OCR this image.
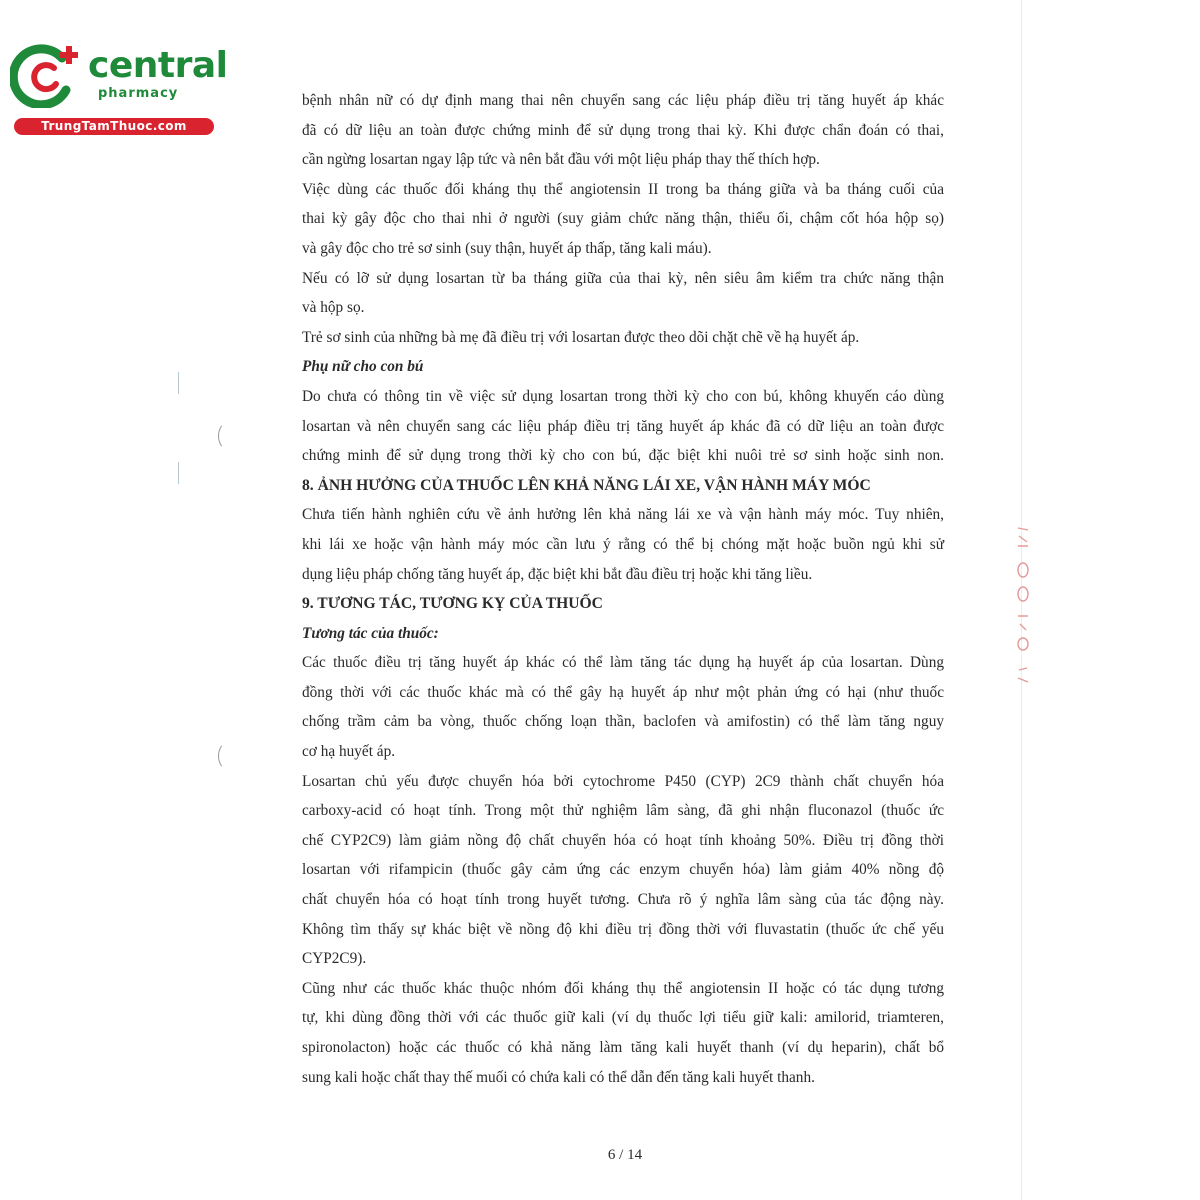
central
pharmacy
TrungTamThuoc.com
bệnh nhân nữ có dự định mang thai nên chuyển sang các liệu pháp điều trị tăng huyết áp khác
đã có dữ liệu an toàn được chứng minh để sử dụng trong thai kỳ. Khi được chẩn đoán có thai,
cần ngừng losartan ngay lập tức và nên bắt đầu với một liệu pháp thay thế thích hợp.
Việc dùng các thuốc đối kháng thụ thể angiotensin II trong ba tháng giữa và ba tháng cuối của
thai kỳ gây độc cho thai nhi ở người (suy giảm chức năng thận, thiểu ối, chậm cốt hóa hộp sọ)
và gây độc cho trẻ sơ sinh (suy thận, huyết áp thấp, tăng kali máu).
Nếu có lỡ sử dụng losartan từ ba tháng giữa của thai kỳ, nên siêu âm kiểm tra chức năng thận
và hộp sọ.
Trẻ sơ sinh của những bà mẹ đã điều trị với losartan được theo dõi chặt chẽ về hạ huyết áp.
Phụ nữ cho con bú
Do chưa có thông tin về việc sử dụng losartan trong thời kỳ cho con bú, không khuyến cáo dùng
losartan và nên chuyển sang các liệu pháp điều trị tăng huyết áp khác đã có dữ liệu an toàn được
chứng minh để sử dụng trong thời kỳ cho con bú, đặc biệt khi nuôi trẻ sơ sinh hoặc sinh non.
8. ẢNH HƯỞNG CỦA THUỐC LÊN KHẢ NĂNG LÁI XE, VẬN HÀNH MÁY MÓC
Chưa tiến hành nghiên cứu về ảnh hưởng lên khả năng lái xe và vận hành máy móc. Tuy nhiên,
khi lái xe hoặc vận hành máy móc cần lưu ý rằng có thể bị chóng mặt hoặc buồn ngủ khi sử
dụng liệu pháp chống tăng huyết áp, đặc biệt khi bắt đầu điều trị hoặc khi tăng liều.
9. TƯƠNG TÁC, TƯƠNG KỴ CỦA THUỐC
Tương tác của thuốc:
Các thuốc điều trị tăng huyết áp khác có thể làm tăng tác dụng hạ huyết áp của losartan. Dùng
đồng thời với các thuốc khác mà có thể gây hạ huyết áp như một phản ứng có hại (như thuốc
chống trầm cảm ba vòng, thuốc chống loạn thần, baclofen và amifostin) có thể làm tăng nguy
cơ hạ huyết áp.
Losartan chủ yếu được chuyển hóa bởi cytochrome P450 (CYP) 2C9 thành chất chuyển hóa
carboxy-acid có hoạt tính. Trong một thử nghiệm lâm sàng, đã ghi nhận fluconazol (thuốc ức
chế CYP2C9) làm giảm nồng độ chất chuyển hóa có hoạt tính khoảng 50%. Điều trị đồng thời
losartan với rifampicin (thuốc gây cảm ứng các enzym chuyển hóa) làm giảm 40% nồng độ
chất chuyển hóa có hoạt tính trong huyết tương. Chưa rõ ý nghĩa lâm sàng của tác động này.
Không tìm thấy sự khác biệt về nồng độ khi điều trị đồng thời với fluvastatin (thuốc ức chế yếu
CYP2C9).
Cũng như các thuốc khác thuộc nhóm đối kháng thụ thể angiotensin II hoặc có tác dụng tương
tự, khi dùng đồng thời với các thuốc giữ kali (ví dụ thuốc lợi tiểu giữ kali: amilorid, triamteren,
spironolacton) hoặc các thuốc có khả năng làm tăng kali huyết thanh (ví dụ heparin), chất bổ
sung kali hoặc chất thay thế muối có chứa kali có thể dẫn đến tăng kali huyết thanh.
6 / 14
